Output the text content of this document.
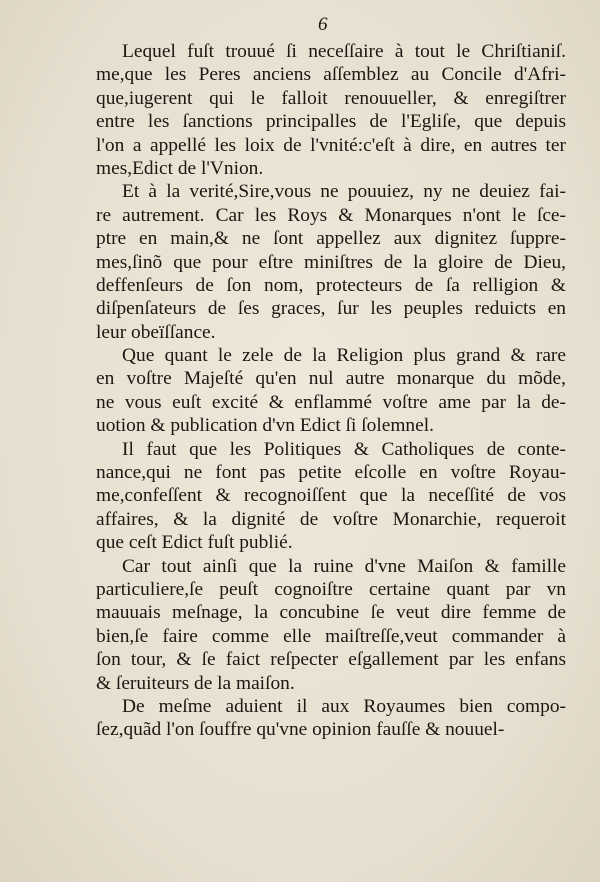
6
Lequel fuſt trouué ſi neceſſaire à tout le Chriſtianiſ.
me,que les Peres anciens aſſemblez au Concile d'Afri-
que,iugerent qui le falloit renouueller, & enregiſtrer
entre les ſanctions principalles de l'Egliſe, que depuis
l'on a appellé les loix de l'vnité:c'eſt à dire, en autres ter
mes,Edict de l'Vnion.
Et à la verité,Sire,vous ne pouuiez, ny ne deuiez fai-
re autrement. Car les Roys & Monarques n'ont le ſce-
ptre en main,& ne ſont appellez aux dignitez ſuppre-
mes,ſinõ que pour eſtre miniſtres de la gloire de Dieu,
deffenſeurs de ſon nom, protecteurs de ſa relligion &
diſpenſateurs de ſes graces, ſur les peuples reduicts en
leur obeïſſance.
Que quant le zele de la Religion plus grand & rare
en voſtre Majeſté qu'en nul autre monarque du mõde,
ne vous euſt excité & enflammé voſtre ame par la de-
uotion & publication d'vn Edict ſi ſolemnel.
Il faut que les Politiques & Catholiques de conte-
nance,qui ne font pas petite eſcolle en voſtre Royau-
me,confeſſent & recognoiſſent que la neceſſité de vos
affaires, & la dignité de voſtre Monarchie, requeroit
que ceſt Edict fuſt publié.
Car tout ainſi que la ruine d'vne Maiſon & famille
particuliere,ſe peuſt cognoiſtre certaine quant par vn
mauuais meſnage, la concubine ſe veut dire femme de
bien,ſe faire comme elle maiſtreſſe,veut commander à
ſon tour, & ſe faict reſpecter eſgallement par les enfans
& ſeruiteurs de la maiſon.
De meſme aduient il aux Royaumes bien compo-
ſez,quãd l'on ſouffre qu'vne opinion fauſſe & nouuel-
